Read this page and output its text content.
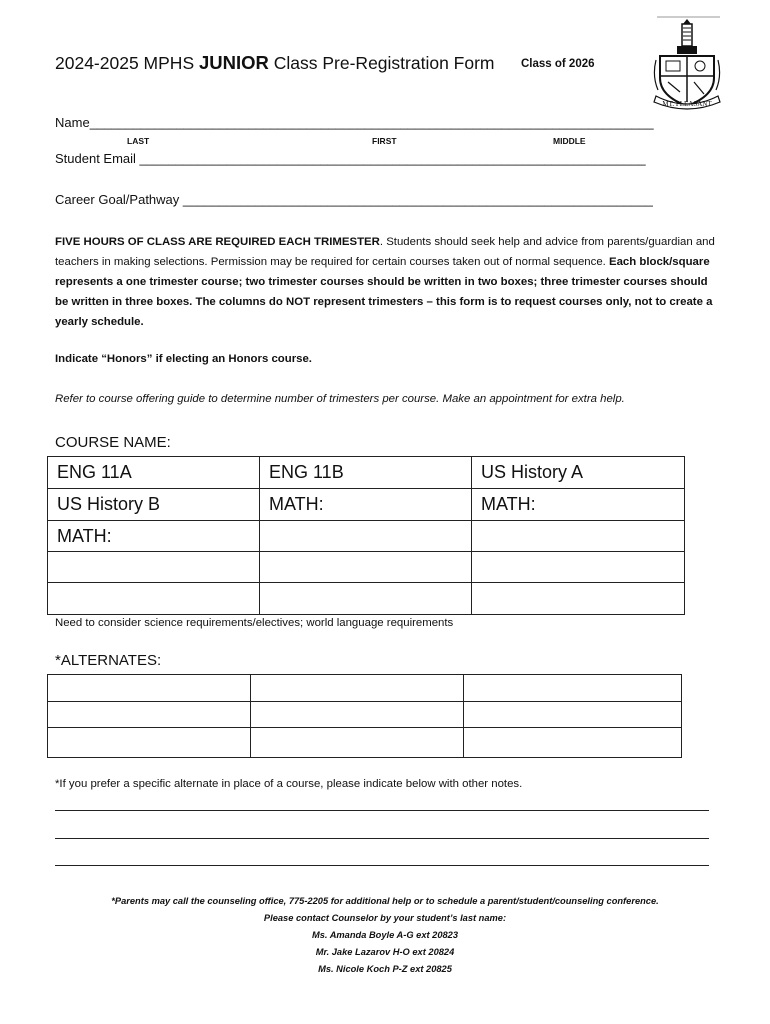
2024-2025 MPHS JUNIOR Class Pre-Registration Form Class of 2026
MT. PLEASANT
Name______________________________________________________________________________
LAST	FIRST	MIDDLE
Student Email ______________________________________________________________________
Career Goal/Pathway _________________________________________________________________
FIVE HOURS OF CLASS ARE REQUIRED EACH TRIMESTER. Students should seek help and advice from parents/guardian and teachers in making selections. Permission may be required for certain courses taken out of normal sequence. Each block/square represents a one trimester course; two trimester courses should be written in two boxes; three trimester courses should be written in three boxes. The columns do NOT represent trimesters – this form is to request courses only, not to create a yearly schedule.
Indicate “Honors” if electing an Honors course.
Refer to course offering guide to determine number of trimesters per course. Make an appointment for extra help.
COURSE NAME:
ENG 11A	ENG 11B	US History A
US History B	MATH:	MATH:
MATH:		

Need to consider science requirements/electives; world language requirements
*ALTERNATES:

*If you prefer a specific alternate in place of a course, please indicate below with other notes.
*Parents may call the counseling office, 775-2205 for additional help or to schedule a parent/student/counseling conference.
Please contact Counselor by your student’s last name:
Ms. Amanda Boyle A-G ext 20823
Mr. Jake Lazarov H-O ext 20824
Ms. Nicole Koch P-Z ext 20825
